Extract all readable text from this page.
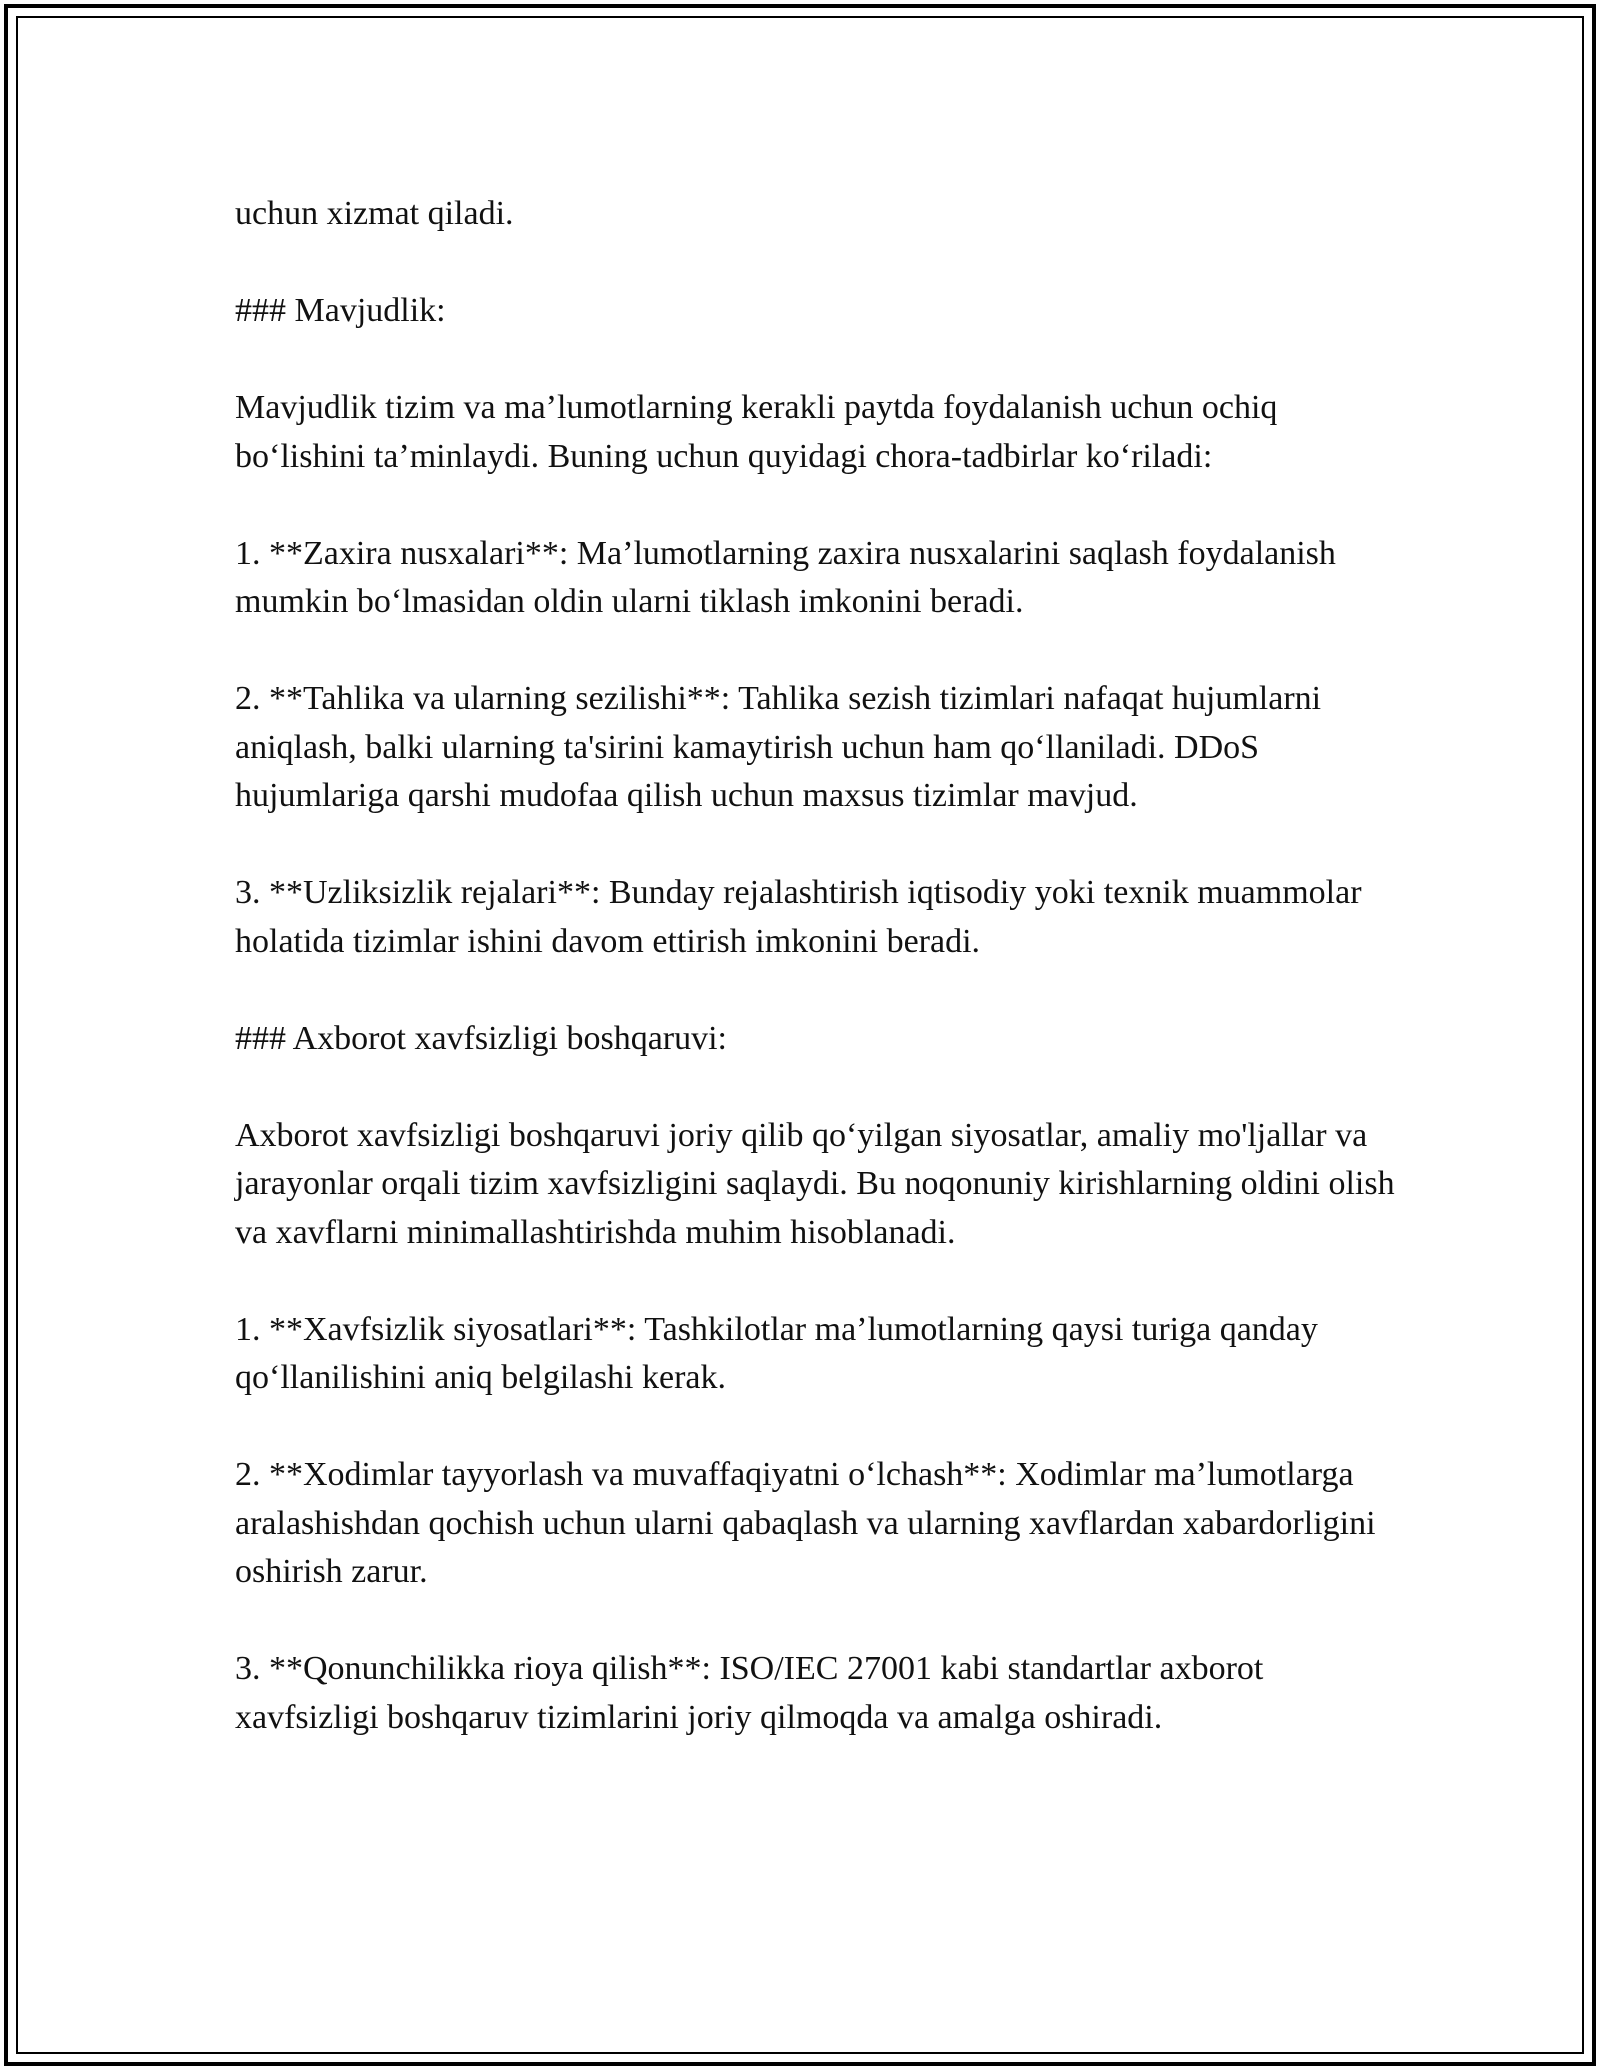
uchun xizmat qiladi.

### Mavjudlik:

Mavjudlik tizim va ma’lumotlarning kerakli paytda foydalanish uchun ochiq bo‘lishini ta’minlaydi. Buning uchun quyidagi chora-tadbirlar ko‘riladi:

1. **Zaxira nusxalari**: Ma’lumotlarning zaxira nusxalarini saqlash foydalanish mumkin bo‘lmasidan oldin ularni tiklash imkonini beradi.

2. **Tahlika va ularning sezilishi**: Tahlika sezish tizimlari nafaqat hujumlarni aniqlash, balki ularning ta'sirini kamaytirish uchun ham qo‘llaniladi. DDoS hujumlariga qarshi mudofaa qilish uchun maxsus tizimlar mavjud.

3. **Uzliksizlik rejalari**: Bunday rejalashtirish iqtisodiy yoki texnik muammolar holatida tizimlar ishini davom ettirish imkonini beradi.

### Axborot xavfsizligi boshqaruvi:

Axborot xavfsizligi boshqaruvi joriy qilib qo‘yilgan siyosatlar, amaliy mo'ljallar va jarayonlar orqali tizim xavfsizligini saqlaydi. Bu noqonuniy kirishlarning oldini olish va xavflarni minimallashtirishda muhim hisoblanadi.

1. **Xavfsizlik siyosatlari**: Tashkilotlar ma’lumotlarning qaysi turiga qanday qo‘llanilishini aniq belgilashi kerak.

2. **Xodimlar tayyorlash va muvaffaqiyatni o‘lchash**: Xodimlar ma’lumotlarga aralashishdan qochish uchun ularni qabaqlash va ularning xavflardan xabardorligini oshirish zarur.

3. **Qonunchilikka rioya qilish**: ISO/IEC 27001 kabi standartlar axborot xavfsizligi boshqaruv tizimlarini joriy qilmoqda va amalga oshiradi.
